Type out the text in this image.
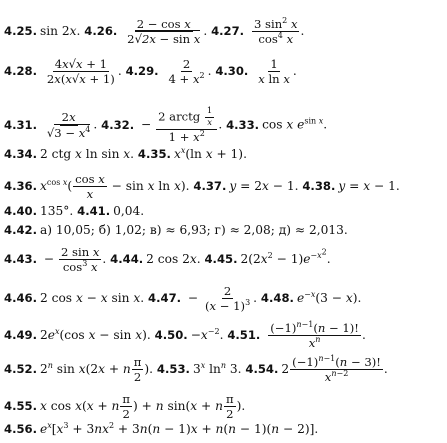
4.25. sin 2x. 4.26. $\frac{\text{2 − cos x}}{\text{2√2x − sin x}}$ . 4.27. $\frac{3 \sin^2 x}{\cos^4 x}$ .
4.28. $\frac{4x√x + 1}{2x(x√x + 1)}$ . 4.29. $\frac{2}{4 + x^2}$ . 4.30. $\frac{1}{\text{x ln x}}$ .
4.31. $\frac{2x}{√3 - x^4}$ . 4.32. − $\frac{2 arctg \frac{1}{x}}{1 + x^2}$ . 4.33. cos x $e^{sin x}$.
4.34. 2 ctg x ln sin x. 4.35. $x^x(\ln$ x + 1).
4.36. $x^{cos x}( \frac{\text{cos x}}{x} - \sin x$ ln x). 4.37. y = 2x − 1. 4.38. y = x − 1.
4.40. 135°. 4.41. 0,04.
4.42. а) 10,05; б) 1,02; в) ≈ 6,93; г) ≈ 2,08; д) ≈ 2,013.
4.43. − $\frac{\text{2 sin x}}{\cos^3 x}$ . 4.44. 2 cos 2x. 4.45. $2(2x^2 - 1)e^{-x^2}$.
4.46. 2 cos x − x sin x. 4.47. − $\frac{2}{(x - 1)^3}$ . 4.48. $e^{-x}(3 - x)$.
4.49. $2e^x(\cos$ x − sin x). 4.50. $-x^{-2}$. 4.51. $\frac{(-1)^{n-1}(n - 1)!}{x^n}$ .
4.52. 2$^n$ sin x(2x + n $\frac{\pi}{2}$ ). 4.53. 3$^x$ $\ln^n 3$. 4.54. $2 \frac{(-1)^{n-1}(n - 3)!}{x^{n-2}}$ .
4.55. x cos x(x + n $\frac{\pi}{2}$ ) + n sin(x + n $\frac{\pi}{2}$ ).
4.56. $e^x[x^3 + 3nx^2 + 3n(n - 1)x + n(n - 1)(n - 2)]$.
